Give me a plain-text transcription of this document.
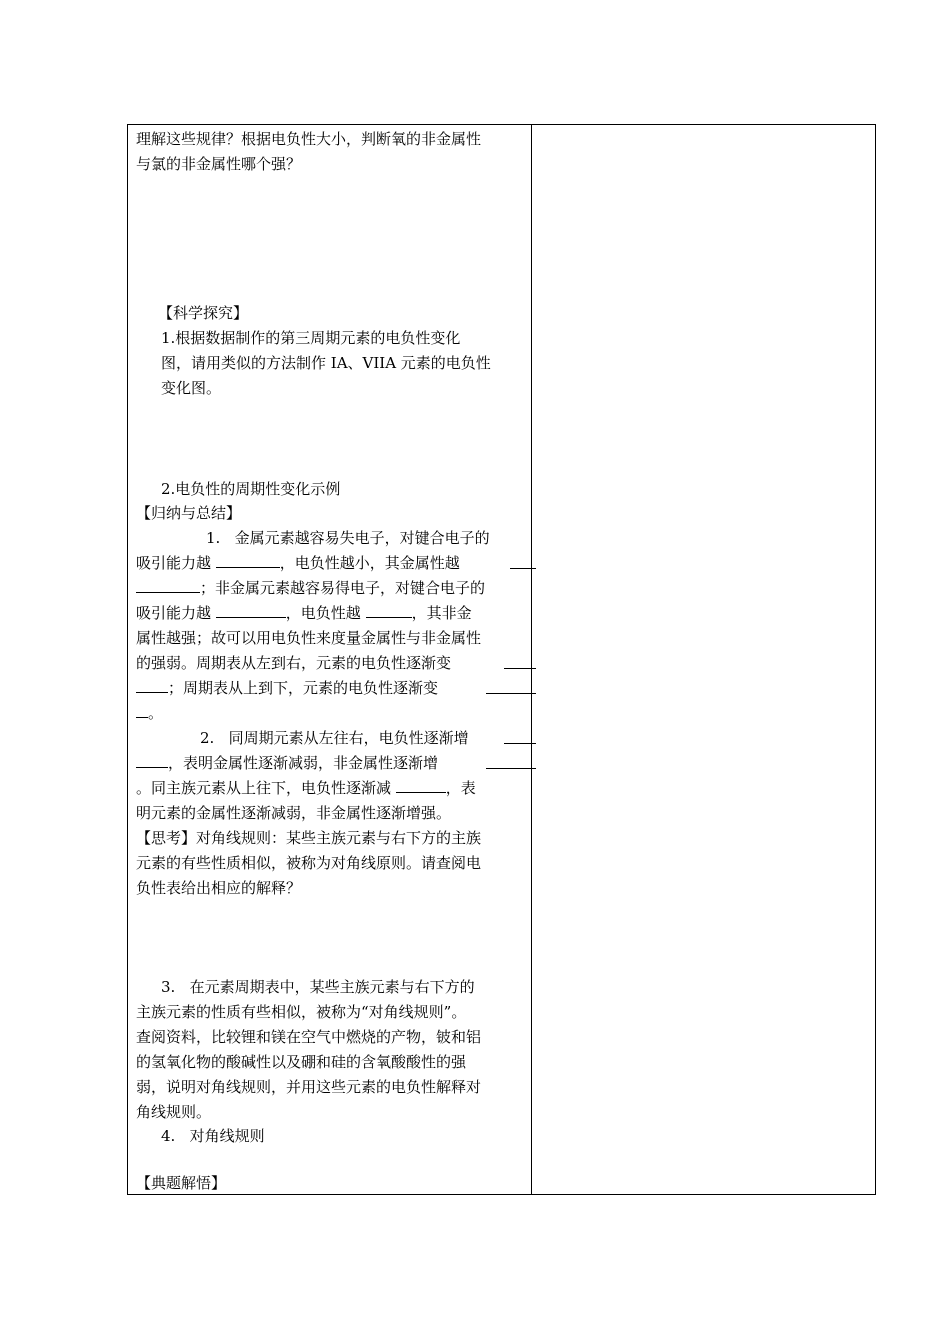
理解这些规律？根据电负性大小，判断氧的非金属性
与氯的非金属性哪个强？
【科学探究】
1.根据数据制作的第三周期元素的电负性变化
图，请用类似的方法制作 IA、VIIA 元素的电负性
变化图。
2.电负性的周期性变化示例
【归纳与总结】
1.   金属元素越容易失电子，对键合电子的
吸引能力越	，电负性越小，其金属性越
；非金属元素越容易得电子，对键合电子的
吸引能力越	，电负性越	，其非金
属性越强；故可以用电负性来度量金属性与非金属性
的强弱。周期表从左到右，元素的电负性逐渐变
；周期表从上到下，元素的电负性逐渐变
。
2.   同周期元素从左往右，电负性逐渐增
，表明金属性逐渐减弱，非金属性逐渐增
。同主族元素从上往下，电负性逐渐减	，表
明元素的金属性逐渐减弱，非金属性逐渐增强。
【思考】对角线规则：某些主族元素与右下方的主族
元素的有些性质相似，被称为对角线原则。请查阅电
负性表给出相应的解释？
3.   在元素周期表中，某些主族元素与右下方的
主族元素的性质有些相似，被称为“对角线规则”。
查阅资料，比较锂和镁在空气中燃烧的产物，铍和铝
的氢氧化物的酸碱性以及硼和硅的含氧酸酸性的强
弱，说明对角线规则，并用这些元素的电负性解释对
角线规则。
4.   对角线规则
【典题解悟】
